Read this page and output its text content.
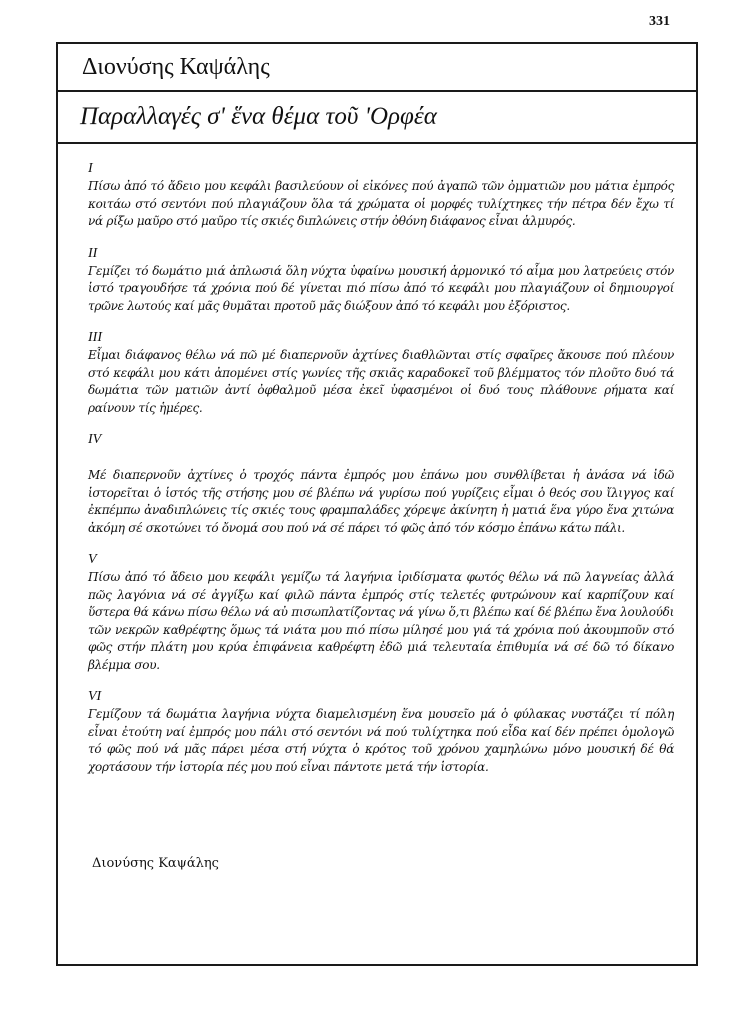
331
Διονύσης Καψάλης
Παραλλαγές σ' ἕνα θέμα τοῦ 'Ορφέα
I
Πίσω ἀπό τό ἄδειο μου κεφάλι βασιλεύουν οἱ εἰκόνες πού ἀγαπῶ τῶν ὀμματιῶν μου μάτια ἐμπρός κοιτάω στό σεντόνι πού πλαγιάζουν ὅλα τά χρώματα οἱ μορφές τυλίχτηκες τήν πέτρα δέν ἔχω τί νά ρίξω μαῦρο στό μαῦρο τίς σκιές διπλώνεις στήν ὀθόνη διάφανος εἶναι ἁλμυρός.
II
Γεμίζει τό δωμάτιο μιά ἀπλωσιά ὅλη νύχτα ὑφαίνω μουσική ἁρμονικό τό αἷμα μου λατρεύεις στόν ἱστό τραγουδήσε τά χρόνια πού δέ γίνεται πιό πίσω ἀπό τό κεφάλι μου πλαγιάζουν οἱ δημιουργοί τρῶνε λωτούς καί μᾶς θυμᾶται προτοῦ μᾶς διώξουν ἀπό τό κεφάλι μου ἐξόριστος.
III
Εἶμαι διάφανος θέλω νά πῶ μέ διαπερνοῦν ἀχτίνες διαθλῶνται στίς σφαῖρες ἄκουσε πού πλέουν στό κεφάλι μου κάτι ἀπομένει στίς γωνίες τῆς σκιᾶς καραδοκεῖ τοῦ βλέμματος τόν πλοῦτο δυό τά δωμάτια τῶν ματιῶν ἀντί ὀφθαλμοῦ μέσα ἐκεῖ ὑφασμένοι οἱ δυό τους πλάθουνε ρήματα καί ραίνουν τίς ἡμέρες.
IV
Μέ διαπερνοῦν ἀχτίνες ὁ τροχός πάντα ἐμπρός μου ἐπάνω μου συνθλίβεται ἡ ἀνάσα νά ἰδῶ ἱστορεῖται ὁ ἱστός τῆς στήσης μου σέ βλέπω νά γυρίσω πού γυρίζεις εἶμαι ὁ θεός σου ἴλιγγος καί ἐκπέμπω ἀναδιπλώνεις τίς σκιές τους φραμπαλάδες χόρεψε ἀκίνητη ἡ ματιά ἕνα γύρο ἕνα χιτώνα ἀκόμη σέ σκοτώνει τό ὄνομά σου πού νά σέ πάρει τό φῶς ἀπό τόν κόσμο ἐπάνω κάτω πάλι.
V
Πίσω ἀπό τό ἄδειο μου κεφάλι γεμίζω τά λαγήνια ἰριδίσματα φωτός θέλω νά πῶ λαγνείας ἀλλά πῶς λαγόνια νά σέ ἀγγίξω καί φιλῶ πάντα ἐμπρός στίς τελετές φυτρώνουν καί καρπίζουν καί ὕστερα θά κάνω πίσω θέλω νά αὐ πισωπλατίζοντας νά γίνω ὅ,τι βλέπω καί δέ βλέπω ἕνα λουλούδι τῶν νεκρῶν καθρέφτης ὅμως τά νιάτα μου πιό πίσω μίλησέ μου γιά τά χρόνια πού ἀκουμποῦν στό φῶς στήν πλάτη μου κρύα ἐπιφάνεια καθρέφτη ἐδῶ μιά τελευταία ἐπιθυμία νά σέ δῶ τό δίκανο βλέμμα σου.
VI
Γεμίζουν τά δωμάτια λαγήνια νύχτα διαμελισμένη ἕνα μουσεῖο μά ὁ φύλακας νυστάζει τί πόλη εἶναι ἐτούτη ναί ἐμπρός μου πάλι στό σεντόνι νά πού τυλίχτηκα πού εἶδα καί δέν πρέπει ὁμολογῶ τό φῶς πού νά μᾶς πάρει μέσα στή νύχτα ὁ κρότος τοῦ χρόνου χαμηλώνω μόνο μουσική δέ θά χορτάσουν τήν ἱστορία πές μου πού εἶναι πάντοτε μετά τήν ἱστορία.
Διονύσης Καψάλης
